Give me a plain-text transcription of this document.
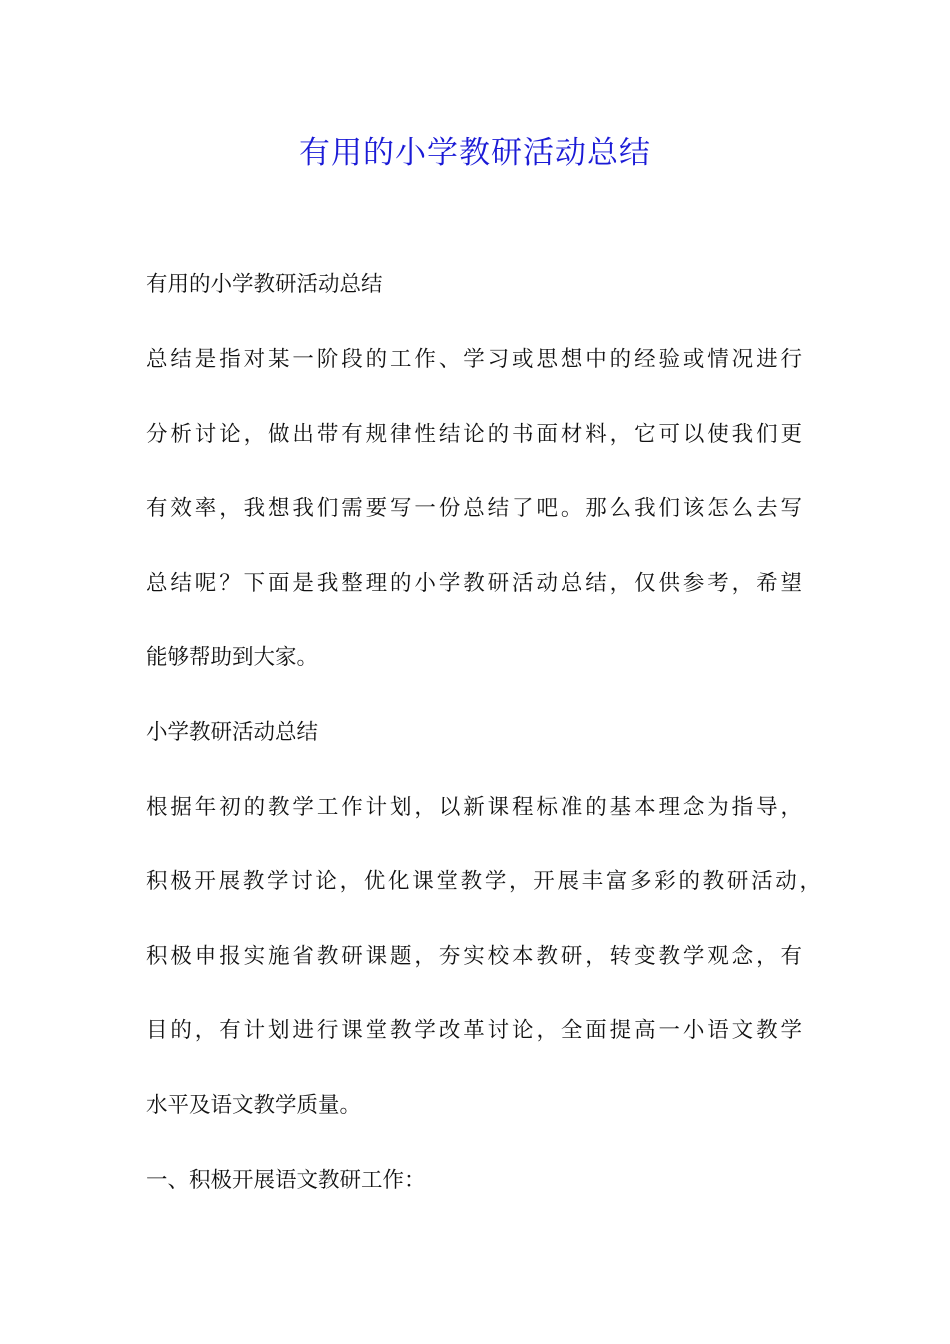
有用的小学教研活动总结
有用的小学教研活动总结
总结是指对某一阶段的工作、学习或思想中的经验或情况进行
分析讨论，做出带有规律性结论的书面材料，它可以使我们更
有效率，我想我们需要写一份总结了吧。那么我们该怎么去写
总结呢？下面是我整理的小学教研活动总结，仅供参考，希望
能够帮助到大家。
小学教研活动总结
根据年初的教学工作计划，以新课程标准的基本理念为指导，
积极开展教学讨论，优化课堂教学，开展丰富多彩的教研活动，
积极申报实施省教研课题，夯实校本教研，转变教学观念，有
目的，有计划进行课堂教学改革讨论，全面提高一小语文教学
水平及语文教学质量。
一、积极开展语文教研工作：
